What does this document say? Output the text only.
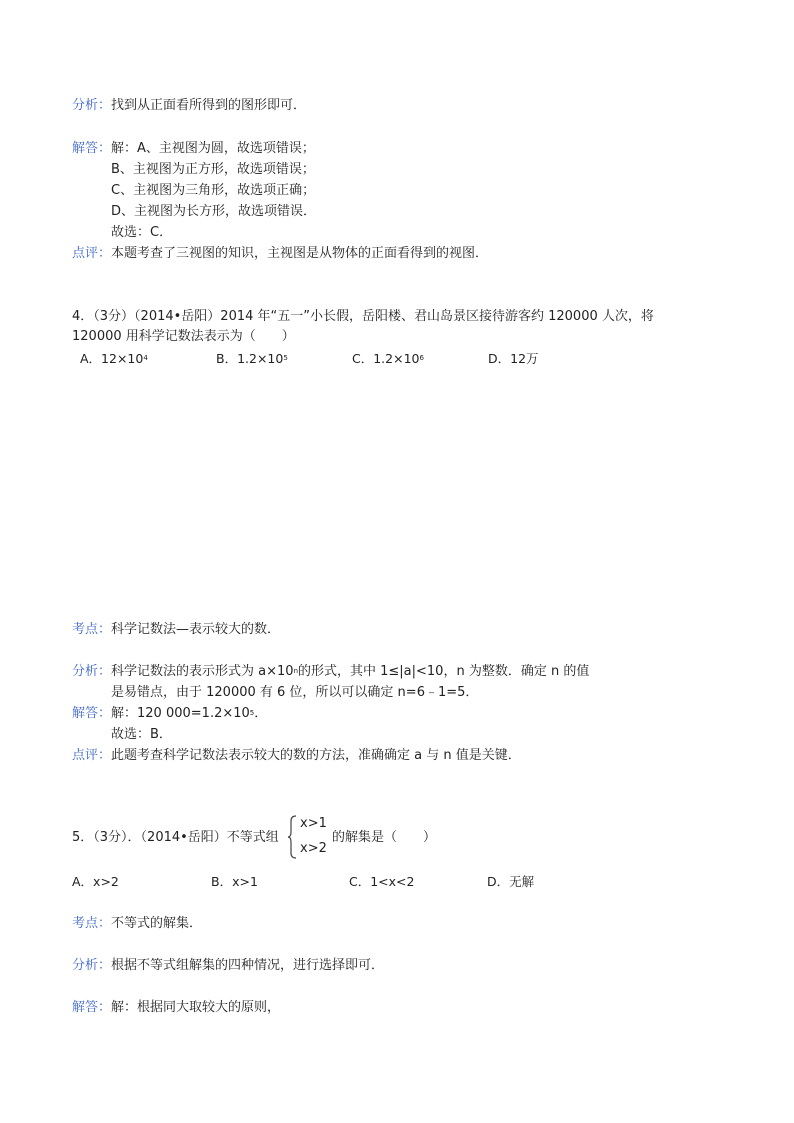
分析：找到从正面看所得到的图形即可．
解答：解：A、主视图为圆，故选项错误；
B、主视图为正方形，故选项错误；
C、主视图为三角形，故选项正确；
D、主视图为长方形，故选项错误．
故选：C．
点评：本题考查了三视图的知识，主视图是从物体的正面看得到的视图．
4．（3分）（2014•岳阳）2014 年“五一”小长假，岳阳楼、君山岛景区接待游客约 120000 人次，将
120000 用科学记数法表示为（　　）
A．$12\times 10^4$	B．$1.2\times 10^5$	C．$1.2\times 10^6$	D．12万
考点：科学记数法—表示较大的数．
分析：科学记数法的表示形式为 $a\times 10^n$的形式，其中 1≤|a|<10，n 为整数．确定 n 的值
是易错点，由于 120000 有 6 位，所以可以确定 n=6﹣1=5．
解答：解：120 $000=1.2\times 10^5$．
故选：B．
点评：此题考查科学记数法表示较大的数的方法，准确确定 a 与 n 值是关键．
5．（3分）．（2014•岳阳）不等式组
x>1
x>2
的解集是（　　）
A．x>2	B．x>1	C．1<x<2	D．无解
考点：不等式的解集．
分析：根据不等式组解集的四种情况，进行选择即可．
解答：解：根据同大取较大的原则，
